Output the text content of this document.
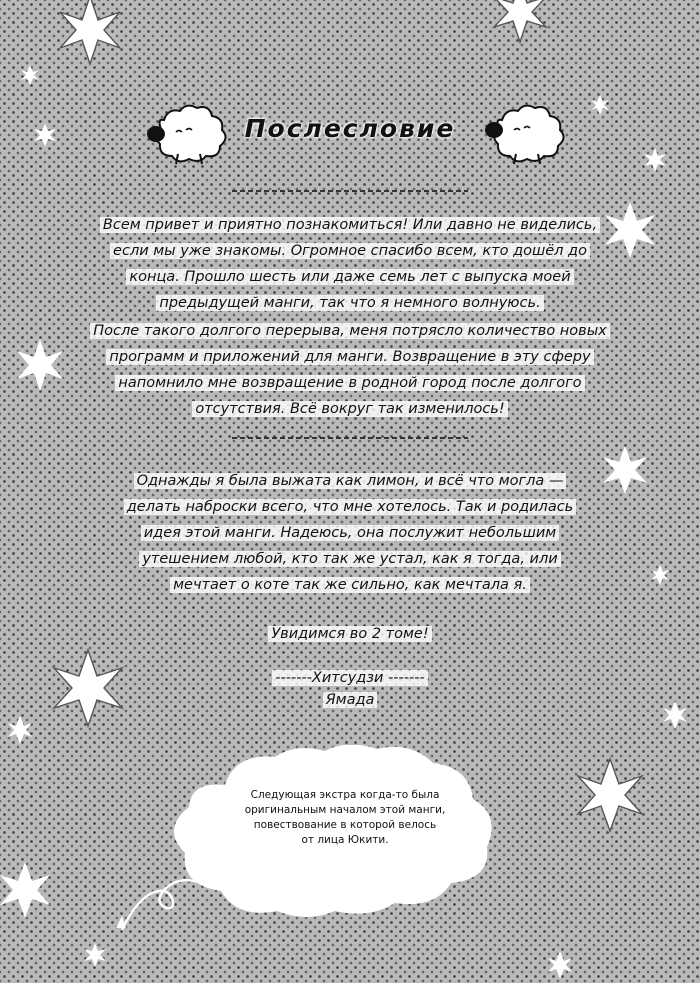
Послесловие
Всем привет и приятно познакомиться! Или давно не виделись,
если мы уже знакомы. Огромное спасибо всем, кто дошёл до
конца. Прошло шесть или даже семь лет с выпуска моей
предыдущей манги, так что я немного волнуюсь.
После такого долгого перерыва, меня потрясло количество новых
программ и приложений для манги. Возвращение в эту сферу
напомнило мне возвращение в родной город после долгого
отсутствия. Всё вокруг так изменилось!
Однажды я была выжата как лимон, и всё что могла —
делать наброски всего, что мне хотелось. Так и родилась
идея этой манги. Надеюсь, она послужит небольшим
утешением любой, кто так же устал, как я тогда, или
мечтает о коте так же сильно, как мечтала я.
Увидимся во 2 томе!
-------Хитсудзи -------
Ямада
Следующая экстра когда-то была
оригинальным началом этой манги,
повествование в которой велось
от лица Юкити.
